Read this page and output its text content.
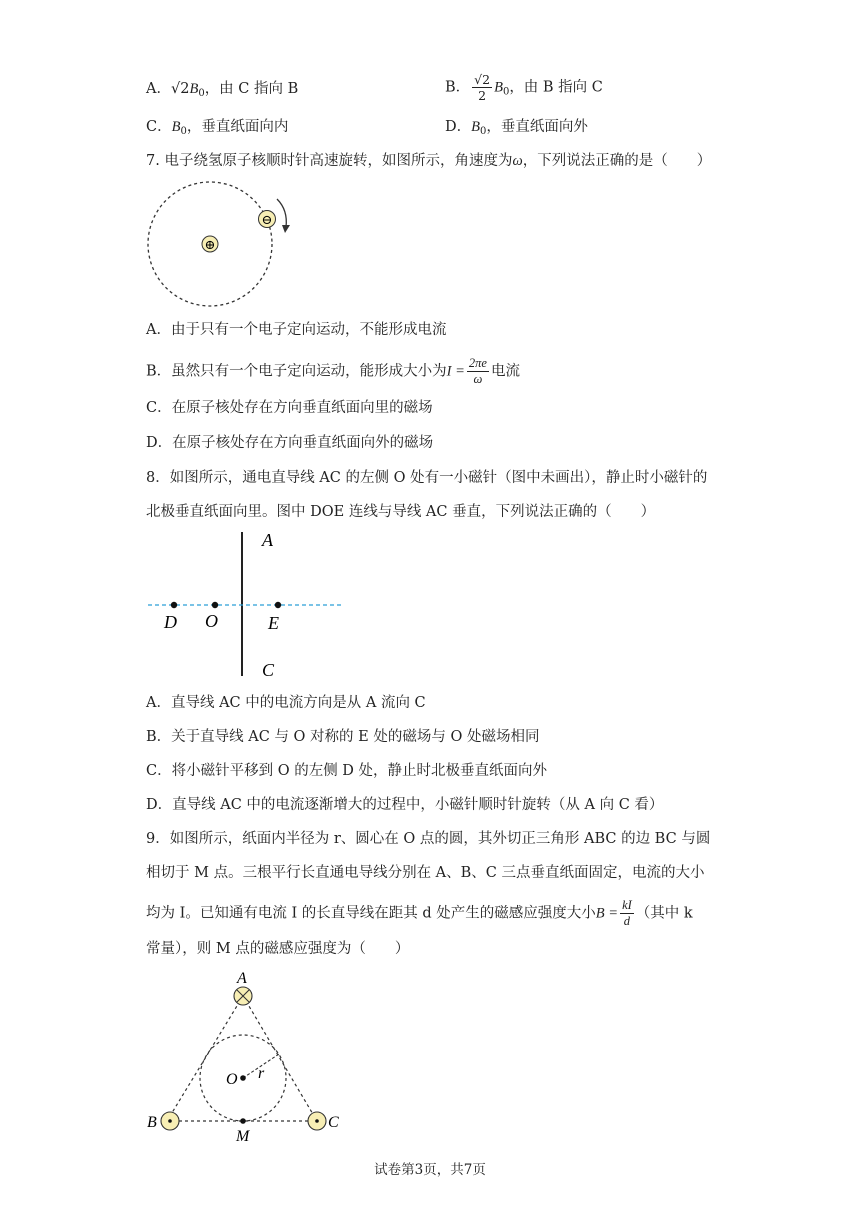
A．$√2B_0$，由 C 指向 B	B． $\frac{√2}{2} B_0$，由 B 指向 C
C．$B_0$，垂直纸面向内	D．$B_0$，垂直纸面向外
7. 电子绕氢原子核顺时针高速旋转，如图所示，角速度为ω，下列说法正确的是（　　）
⊕
⊖
A．由于只有一个电子定向运动，不能形成电流
B．虽然只有一个电子定向运动，能形成大小为$I = \frac{2\pi e}{\omega}$ 电流
C．在原子核处存在方向垂直纸面向里的磁场
D．在原子核处存在方向垂直纸面向外的磁场
8．如图所示，通电直导线 AC 的左侧 O 处有一小磁针（图中未画出），静止时小磁针的北极垂直纸面向里。图中 DOE 连线与导线 AC 垂直，下列说法正确的（　　）
A
C
D O	E
A．直导线 AC 中的电流方向是从 A 流向 C
B．关于直导线 AC 与 O 对称的 E 处的磁场与 O 处磁场相同
C．将小磁针平移到 O 的左侧 D 处，静止时北极垂直纸面向外
D．直导线 AC 中的电流逐渐增大的过程中，小磁针顺时针旋转（从 A 向 C 看）
9．如图所示，纸面内半径为 r、圆心在 O 点的圆，其外切正三角形 ABC 的边 BC 与圆
相切于 M 点。三根平行长直通电导线分别在 A、B、C 三点垂直纸面固定，电流的大小
均为 I。已知通有电流 I 的长直导线在距其 d 处产生的磁感应强度大小$B = \frac{kI}{d}$ （其中 k
常量），则 M 点的磁感应强度为（　　）
A
B	C
O
M
r
试卷第3页，共7页
